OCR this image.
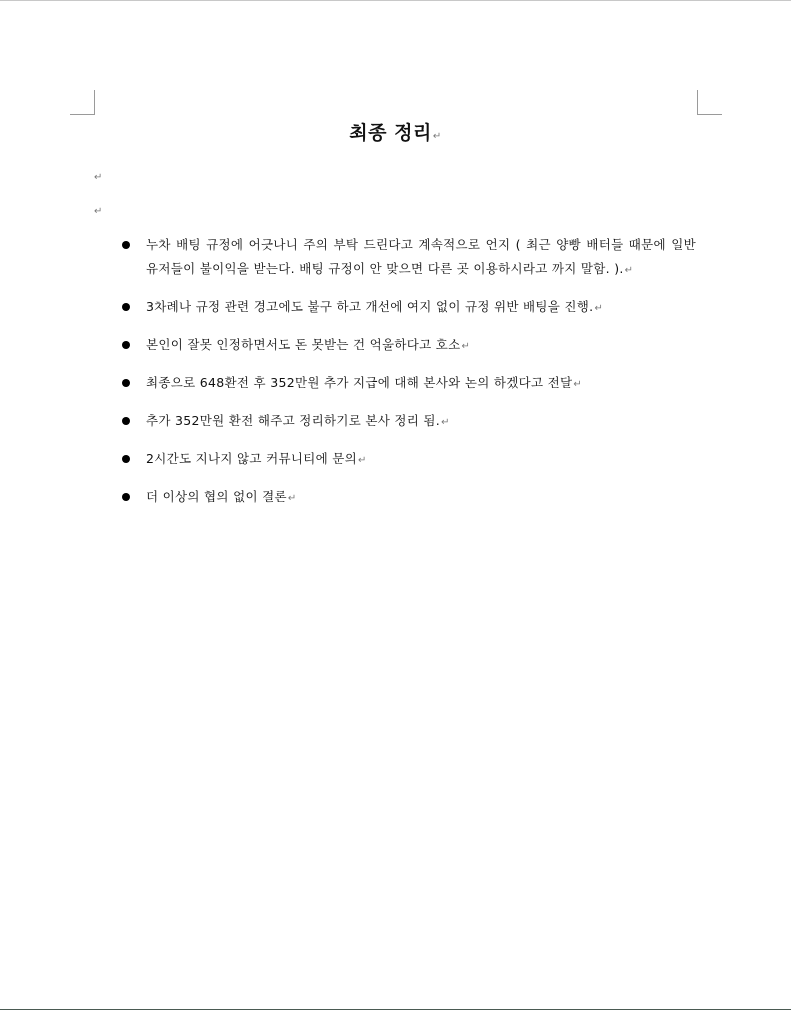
최종 정리↵
↵
↵
누차 배팅 규정에 어긋나니 주의 부탁 드린다고 계속적으로 언지 ( 최근 양빵 배터들 때문에 일반 유저들이 불이익을 받는다. 배팅 규정이 안 맞으면 다른 곳 이용하시라고 까지 말함. ).↵
3차례나 규정 관련 경고에도 불구 하고 개선에 여지 없이 규정 위반 배팅을 진행.↵
본인이 잘못 인정하면서도 돈 못받는 건 억울하다고 호소↵
최종으로 648환전 후 352만원 추가 지급에 대해 본사와 논의 하겠다고 전달↵
추가 352만원 환전 해주고 정리하기로 본사 정리 됨.↵
2시간도 지나지 않고 커뮤니티에 문의↵
더 이상의 협의 없이 결론↵
